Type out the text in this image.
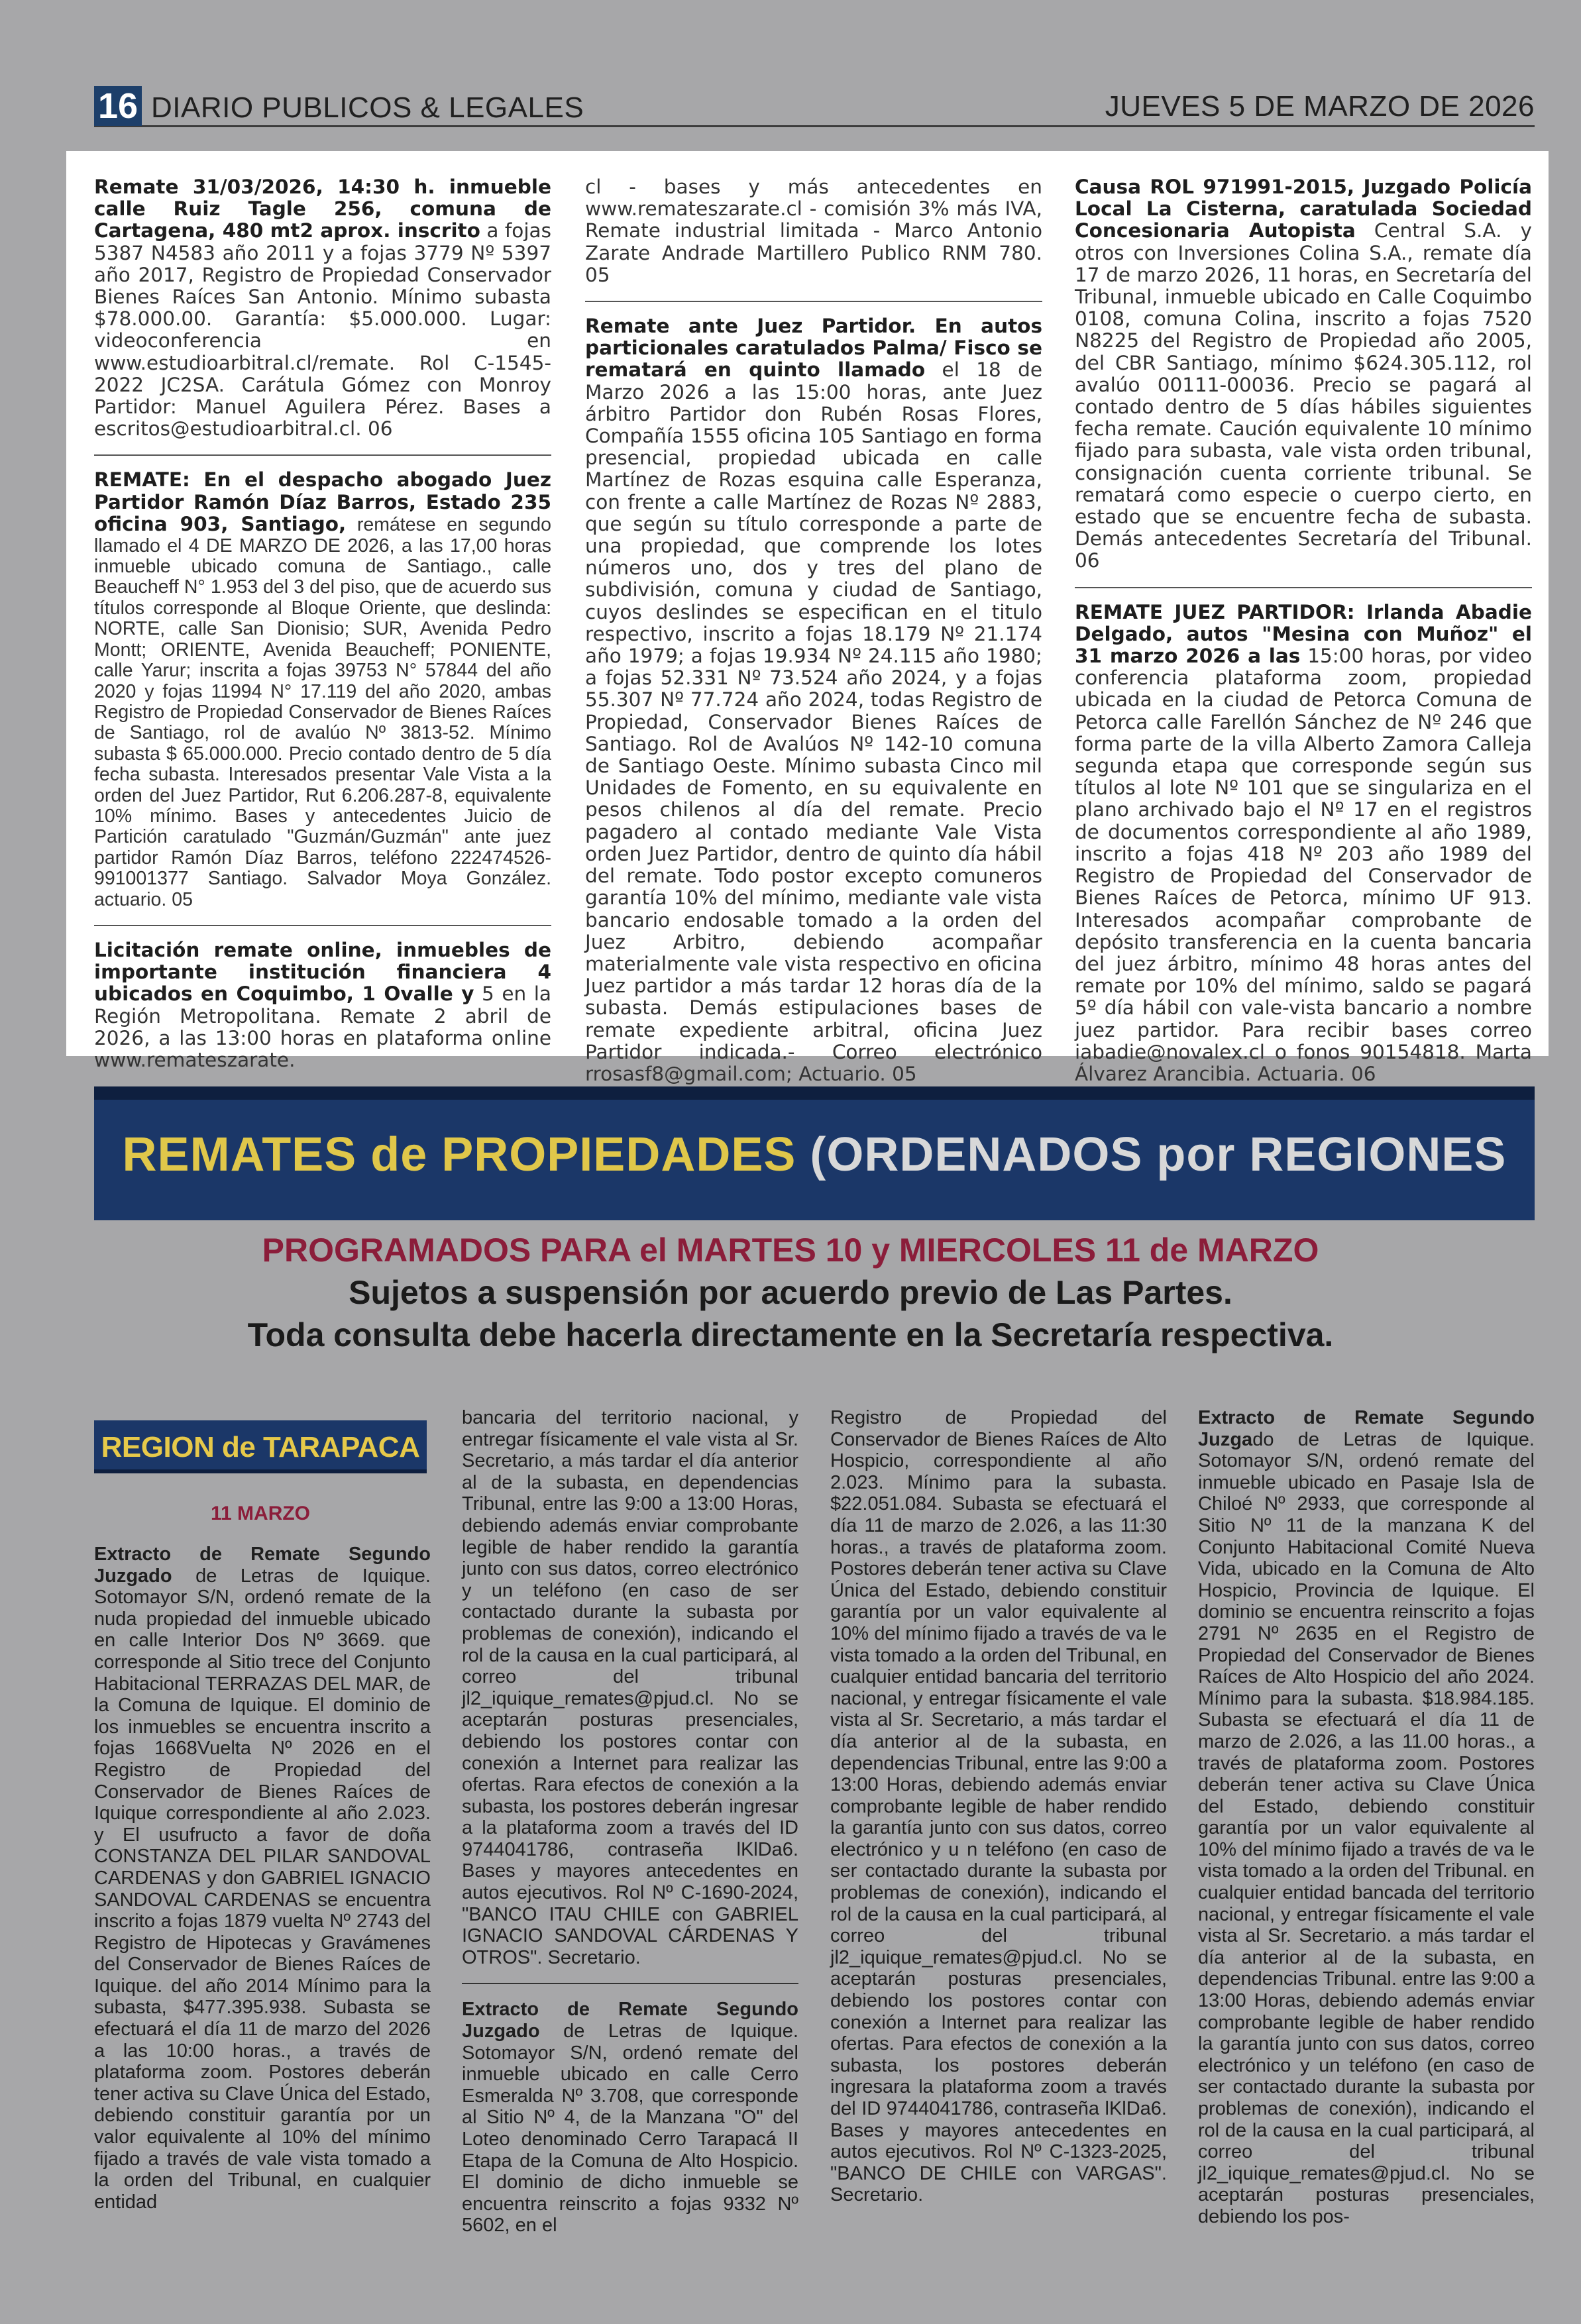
16 DIARIO PUBLICOS & LEGALES	JUEVES 5 DE MARZO DE 2026

Remate 31/03/2026, 14:30 h. inmueble calle Ruiz Tagle 256, comuna de Cartagena, 480 mt2 aprox. inscrito a fojas 5387 N4583 año 2011 y a fojas 3779 Nº 5397 año 2017, Registro de Propiedad Conservador Bienes Raíces San Antonio. Mínimo subasta $78.000.00. Garantía: $5.000.000. Lugar: videoconferencia en www.estudioarbitral.cl/remate. Rol C-1545-2022 JC2SA. Carátula Gómez con Monroy Partidor: Manuel Aguilera Pérez. Bases a escritos@estudioarbitral.cl. 06

REMATE: En el despacho abogado Juez Partidor Ramón Díaz Barros, Estado 235 oficina 903, Santiago, remátese en segundo llamado el 4 DE MARZO DE 2026, a las 17,00 horas inmueble ubicado comuna de Santiago., calle Beaucheff N° 1.953 del 3 del piso, que de acuerdo sus títulos corresponde al Bloque Oriente, que deslinda: NORTE, calle San Dionisio; SUR, Avenida Pedro Montt; ORIENTE, Avenida Beaucheff; PONIENTE, calle Yarur; inscrita a fojas 39753 N° 57844 del año 2020 y fojas 11994 N° 17.119 del año 2020, ambas Registro de Propiedad Conservador de Bienes Raíces de Santiago, rol de avalúo Nº 3813-52. Mínimo subasta $ 65.000.000. Precio contado dentro de 5 día fecha subasta. Interesados presentar Vale Vista a la orden del Juez Partidor, Rut 6.206.287-8, equivalente 10% mínimo. Bases y antecedentes Juicio de Partición caratulado "Guzmán/Guzmán" ante juez partidor Ramón Díaz Barros, teléfono 222474526-991001377 Santiago. Salvador Moya González. actuario. 05

Licitación remate online, inmuebles de importante institución financiera 4 ubicados en Coquimbo, 1 Ovalle y 5 en la Región Metropolitana. Remate 2 abril de 2026, a las 13:00 horas en plataforma online www.remateszarate.

cl - bases y más antecedentes en www.remateszarate.cl - comisión 3% más IVA, Remate industrial limitada - Marco Antonio Zarate Andrade Martillero Publico RNM 780. 05

Remate ante Juez Partidor. En autos particionales caratulados Palma/ Fisco se rematará en quinto llamado el 18 de Marzo 2026 a las 15:00 horas, ante Juez árbitro Partidor don Rubén Rosas Flores, Compañía 1555 oficina 105 Santiago en forma presencial, propiedad ubicada en calle Martínez de Rozas esquina calle Esperanza, con frente a calle Martínez de Rozas Nº 2883, que según su título corresponde a parte de una propiedad, que comprende los lotes números uno, dos y tres del plano de subdivisión, comuna y ciudad de Santiago, cuyos deslindes se especifican en el titulo respectivo, inscrito a fojas 18.179 Nº 21.174 año 1979; a fojas 19.934 Nº 24.115 año 1980; a fojas 52.331 Nº 73.524 año 2024, y a fojas 55.307 Nº 77.724 año 2024, todas Registro de Propiedad, Conservador Bienes Raíces de Santiago. Rol de Avalúos Nº 142-10 comuna de Santiago Oeste. Mínimo subasta Cinco mil Unidades de Fomento, en su equivalente en pesos chilenos al día del remate. Precio pagadero al contado mediante Vale Vista orden Juez Partidor, dentro de quinto día hábil del remate. Todo postor excepto comuneros garantía 10% del mínimo, mediante vale vista bancario endosable tomado a la orden del Juez Arbitro, debiendo acompañar materialmente vale vista respectivo en oficina Juez partidor a más tardar 12 horas día de la subasta. Demás estipulaciones bases de remate expediente arbitral, oficina Juez Partidor indicada.- Correo electrónico rrosasf8@gmail.com; Actuario. 05

Causa ROL 971991-2015, Juzgado Policía Local La Cisterna, caratulada Sociedad Concesionaria Autopista Central S.A. y otros con Inversiones Colina S.A., remate día 17 de marzo 2026, 11 horas, en Secretaría del Tribunal, inmueble ubicado en Calle Coquimbo 0108, comuna Colina, inscrito a fojas 7520 N8225 del Registro de Propiedad año 2005, del CBR Santiago, mínimo $624.305.112, rol avalúo 00111-00036. Precio se pagará al contado dentro de 5 días hábiles siguientes fecha remate. Caución equivalente 10 mínimo fijado para subasta, vale vista orden tribunal, consignación cuenta corriente tribunal. Se rematará como especie o cuerpo cierto, en estado que se encuentre fecha de subasta. Demás antecedentes Secretaría del Tribunal. 06

REMATE JUEZ PARTIDOR: Irlanda Abadie Delgado, autos "Mesina con Muñoz" el 31 marzo 2026 a las 15:00 horas, por video conferencia plataforma zoom, propiedad ubicada en la ciudad de Petorca Comuna de Petorca calle Farellón Sánchez de Nº 246 que forma parte de la villa Alberto Zamora Calleja segunda etapa que corresponde según sus títulos al lote Nº 101 que se singulariza en el plano archivado bajo el Nº 17 en el registros de documentos correspondiente al año 1989, inscrito a fojas 418 Nº 203 año 1989 del Registro de Propiedad del Conservador de Bienes Raíces de Petorca, mínimo UF 913. Interesados acompañar comprobante de depósito transferencia en la cuenta bancaria del juez árbitro, mínimo 48 horas antes del remate por 10% del mínimo, saldo se pagará 5º día hábil con vale-vista bancario a nombre juez partidor. Para recibir bases correo iabadie@novalex.cl o fonos 90154818. Marta Álvarez Arancibia. Actuaria. 06

REMATES de PROPIEDADES (ORDENADOS por REGIONES
PROGRAMADOS PARA el MARTES 10 y MIERCOLES 11 de MARZO
Sujetos a suspensión por acuerdo previo de Las Partes.
Toda consulta debe hacerla directamente en la Secretaría respectiva.
REGION de TARAPACA
11 MARZO

Extracto de Remate Segundo Juzgado de Letras de Iquique. Sotomayor S/N, ordenó remate de la nuda propiedad del inmueble ubicado en calle Interior Dos Nº 3669. que corresponde al Sitio trece del Conjunto Habitacional TERRAZAS DEL MAR, de la Comuna de Iquique. El dominio de los inmuebles se encuentra inscrito a fojas 1668Vuelta Nº 2026 en el Registro de Propiedad del Conservador de Bienes Raíces de Iquique correspondiente al año 2.023. y El usufructo a favor de doña CONSTANZA DEL PILAR SANDOVAL CARDENAS y don GABRIEL IGNACIO SANDOVAL CARDENAS se encuentra inscrito a fojas 1879 vuelta Nº 2743 del Registro de Hipotecas y Gravámenes del Conservador de Bienes Raíces de Iquique. del año 2014 Mínimo para la subasta, $477.395.938. Subasta se efectuará el día 11 de marzo del 2026 a las 10:00 horas., a través de plataforma zoom. Postores deberán tener activa su Clave Única del Estado, debiendo constituir garantía por un valor equivalente al 10% del mínimo fijado a través de vale vista tomado a la orden del Tribunal, en cualquier entidad

bancaria del territorio nacional, y entregar físicamente el vale vista al Sr. Secretario, a más tardar el día anterior al de la subasta, en dependencias Tribunal, entre las 9:00 a 13:00 Horas, debiendo además enviar comprobante legible de haber rendido la garantía junto con sus datos, correo electrónico y un teléfono (en caso de ser contactado durante la subasta por problemas de conexión), indicando el rol de la causa en la cual participará, al correo del tribunal jl2_iquique_remates@pjud.cl. No se aceptarán posturas presenciales, debiendo los postores contar con conexión a Internet para realizar las ofertas. Rara efectos de conexión a la subasta, los postores deberán ingresar a la plataforma zoom a través del ID 9744041786, contraseña lKlDa6. Bases y mayores antecedentes en autos ejecutivos. Rol Nº C-1690-2024, "BANCO ITAU CHILE con GABRIEL IGNACIO SANDOVAL CÁRDENAS Y OTROS". Secretario.

Extracto de Remate Segundo Juzgado de Letras de Iquique. Sotomayor S/N, ordenó remate del inmueble ubicado en calle Cerro Esmeralda Nº 3.708, que corresponde al Sitio Nº 4, de la Manzana "O" del Loteo denominado Cerro Tarapacá II Etapa de la Comuna de Alto Hospicio. El dominio de dicho inmueble se encuentra reinscrito a fojas 9332 Nº 5602, en el

Registro de Propiedad del Conservador de Bienes Raíces de Alto Hospicio, correspondiente al año 2.023. Mínimo para la subasta. $22.051.084. Subasta se efectuará el día 11 de marzo de 2.026, a las 11:30 horas., a través de plataforma zoom. Postores deberán tener activa su Clave Única del Estado, debiendo constituir garantía por un valor equivalente al 10% del mínimo fijado a través de va le vista tomado a la orden del Tribunal, en cualquier entidad bancaria del territorio nacional, y entregar físicamente el vale vista al Sr. Secretario, a más tardar el día anterior al de la subasta, en dependencias Tribunal, entre las 9:00 a 13:00 Horas, debiendo además enviar comprobante legible de haber rendido la garantía junto con sus datos, correo electrónico y u n teléfono (en caso de ser contactado durante la subasta por problemas de conexión), indicando el rol de la causa en la cual participará, al correo del tribunal jl2_iquique_remates@pjud.cl. No se aceptarán posturas presenciales, debiendo los postores contar con conexión a Internet para realizar las ofertas. Para efectos de conexión a la subasta, los postores deberán ingresara la plataforma zoom a través del ID 9744041786, contraseña lKlDa6. Bases y mayores antecedentes en autos ejecutivos. Rol Nº C-1323-2025, "BANCO DE CHILE con VARGAS". Secretario.

Extracto de Remate Segundo Juzgado de Letras de Iquique. Sotomayor S/N, ordenó remate del inmueble ubicado en Pasaje Isla de Chiloé Nº 2933, que corresponde al Sitio Nº 11 de la manzana K del Conjunto Habitacional Comité Nueva Vida, ubicado en la Comuna de Alto Hospicio, Provincia de Iquique. El dominio se encuentra reinscrito a fojas 2791 Nº 2635 en el Registro de Propiedad del Conservador de Bienes Raíces de Alto Hospicio del año 2024. Mínimo para la subasta. $18.984.185. Subasta se efectuará el día 11 de marzo de 2.026, a las 11.00 horas., a través de plataforma zoom. Postores deberán tener activa su Clave Única del Estado, debiendo constituir garantía por un valor equivalente al 10% del mínimo fijado a través de va le vista tomado a la orden del Tribunal. en cualquier entidad bancada del territorio nacional, y entregar físicamente el vale vista al Sr. Secretario. a más tardar el día anterior al de la subasta, en dependencias Tribunal. entre las 9:00 a 13:00 Horas, debiendo además enviar comprobante legible de haber rendido la garantía junto con sus datos, correo electrónico y un teléfono (en caso de ser contactado durante la subasta por problemas de conexión), indicando el rol de la causa en la cual participará, al correo del tribunal jl2_iquique_remates@pjud.cl. No se aceptarán posturas presenciales, debiendo los pos-
